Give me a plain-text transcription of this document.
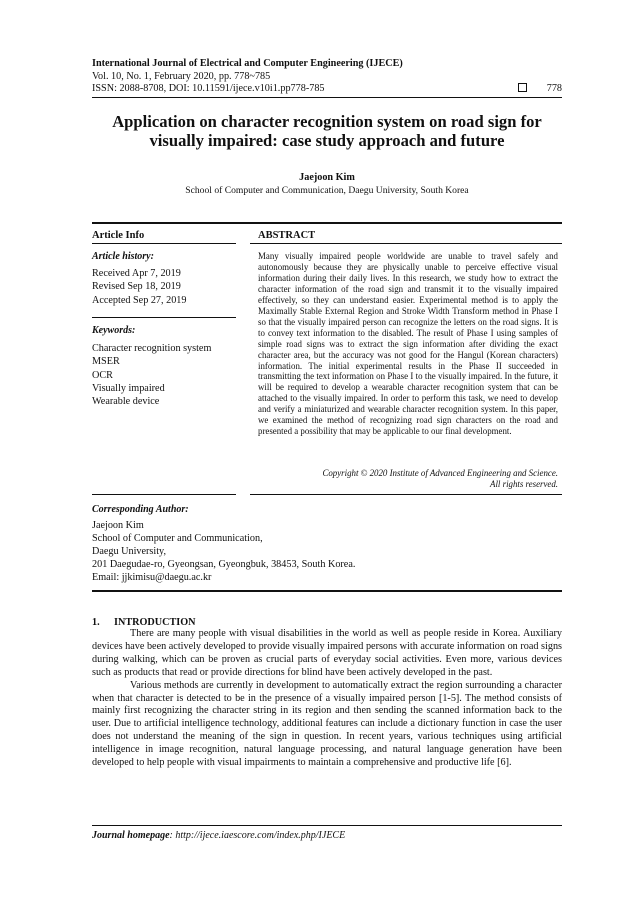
International Journal of Electrical and Computer Engineering (IJECE)
Vol. 10, No. 1, February 2020, pp. 778~785
ISSN: 2088-8708, DOI: 10.11591/ijece.v10i1.pp778-785	778
Application on character recognition system on road sign for visually impaired: case study approach and future
Jaejoon Kim
School of Computer and Communication, Daegu University, South Korea
Article Info
Article history:
Received Apr 7, 2019
Revised Sep 18, 2019
Accepted Sep 27, 2019
Keywords:
Character recognition system
MSER
OCR
Visually impaired
Wearable device
ABSTRACT
Many visually impaired people worldwide are unable to travel safely and autonomously because they are physically unable to perceive effective visual information during their daily lives. In this research, we study how to extract the character information of the road sign and transmit it to the visually impaired effectively, so they can understand easier. Experimental method is to apply the Maximally Stable External Region and Stroke Width Transform method in Phase I so that the visually impaired person can recognize the letters on the road signs. It is to convey text information to the disabled. The result of Phase I using samples of simple road signs was to extract the sign information after dividing the exact character area, but the accuracy was not good for the Hangul (Korean characters) information. The initial experimental results in the Phase II succeeded in transmitting the text information on Phase I to the visually impaired. In the future, it will be required to develop a wearable character recognition system that can be attached to the visually impaired. In order to perform this task, we need to develop and verify a miniaturized and wearable character recognition system. In this paper, we examined the method of recognizing road sign characters on the road and presented a possibility that may be applicable to our final development.
Copyright © 2020 Institute of Advanced Engineering and Science.
All rights reserved.
Corresponding Author:
Jaejoon Kim
School of Computer and Communication,
Daegu University,
201 Daegudae-ro, Gyeongsan, Gyeongbuk, 38453, South Korea.
Email: jjkimisu@daegu.ac.kr
1. INTRODUCTION

There are many people with visual disabilities in the world as well as people reside in Korea. Auxiliary devices have been actively developed to provide visually impaired persons with accurate information on road signs during walking, which can be proven as crucial parts of everyday social activities. Even more, various devices such as products that read or provide directions for blind have been actively developed in the past.

Various methods are currently in development to automatically extract the region surrounding a character when that character is detected to be in the presence of a visually impaired person [1-5]. The method consists of mainly first recognizing the character string in its region and then sending the scanned information back to the user. Due to artificial intelligence technology, additional features can include a dictionary function in case the user does not understand the meaning of the sign in question. In recent years, various techniques using artificial intelligence in image recognition, natural language processing, and natural language generation have been developed to help people with visual impairments to maintain a comprehensive and productive life [6].

Journal homepage: http://ijece.iaescore.com/index.php/IJECE
